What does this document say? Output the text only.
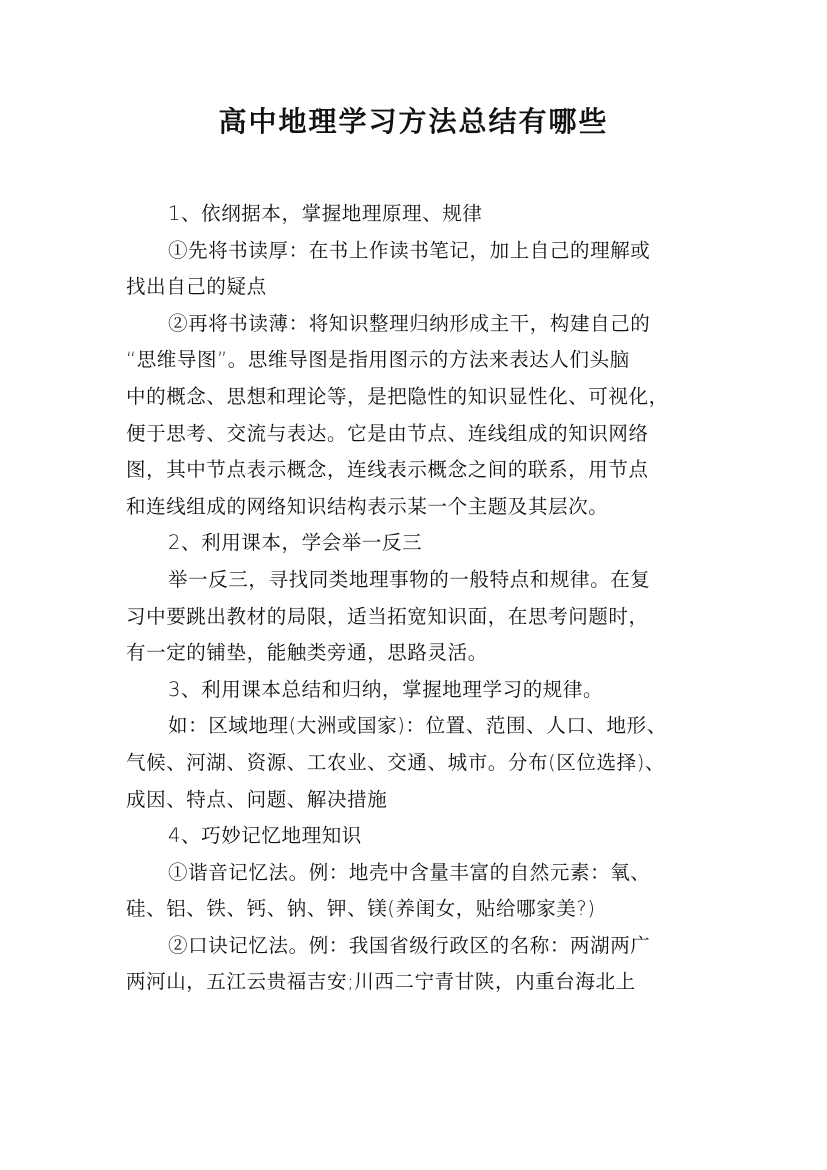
高中地理学习方法总结有哪些
1、依纲据本，掌握地理原理、规律
①先将书读厚：在书上作读书笔记，加上自己的理解或
找出自己的疑点
②再将书读薄：将知识整理归纳形成主干，构建自己的
“思维导图”。思维导图是指用图示的方法来表达人们头脑
中的概念、思想和理论等，是把隐性的知识显性化、可视化，
便于思考、交流与表达。它是由节点、连线组成的知识网络
图，其中节点表示概念，连线表示概念之间的联系，用节点
和连线组成的网络知识结构表示某一个主题及其层次。
2、利用课本，学会举一反三
举一反三，寻找同类地理事物的一般特点和规律。在复
习中要跳出教材的局限，适当拓宽知识面，在思考问题时，
有一定的铺垫，能触类旁通，思路灵活。
3、利用课本总结和归纳，掌握地理学习的规律。
如：区域地理(大洲或国家)：位置、范围、人口、地形、
气候、河湖、资源、工农业、交通、城市。分布(区位选择)、
成因、特点、问题、解决措施
4、巧妙记忆地理知识
①谐音记忆法。例：地壳中含量丰富的自然元素：氧、
硅、铝、铁、钙、钠、钾、镁(养闺女，贴给哪家美?)
②口诀记忆法。例：我国省级行政区的名称：两湖两广
两河山，五江云贵福吉安;川西二宁青甘陕，内重台海北上
